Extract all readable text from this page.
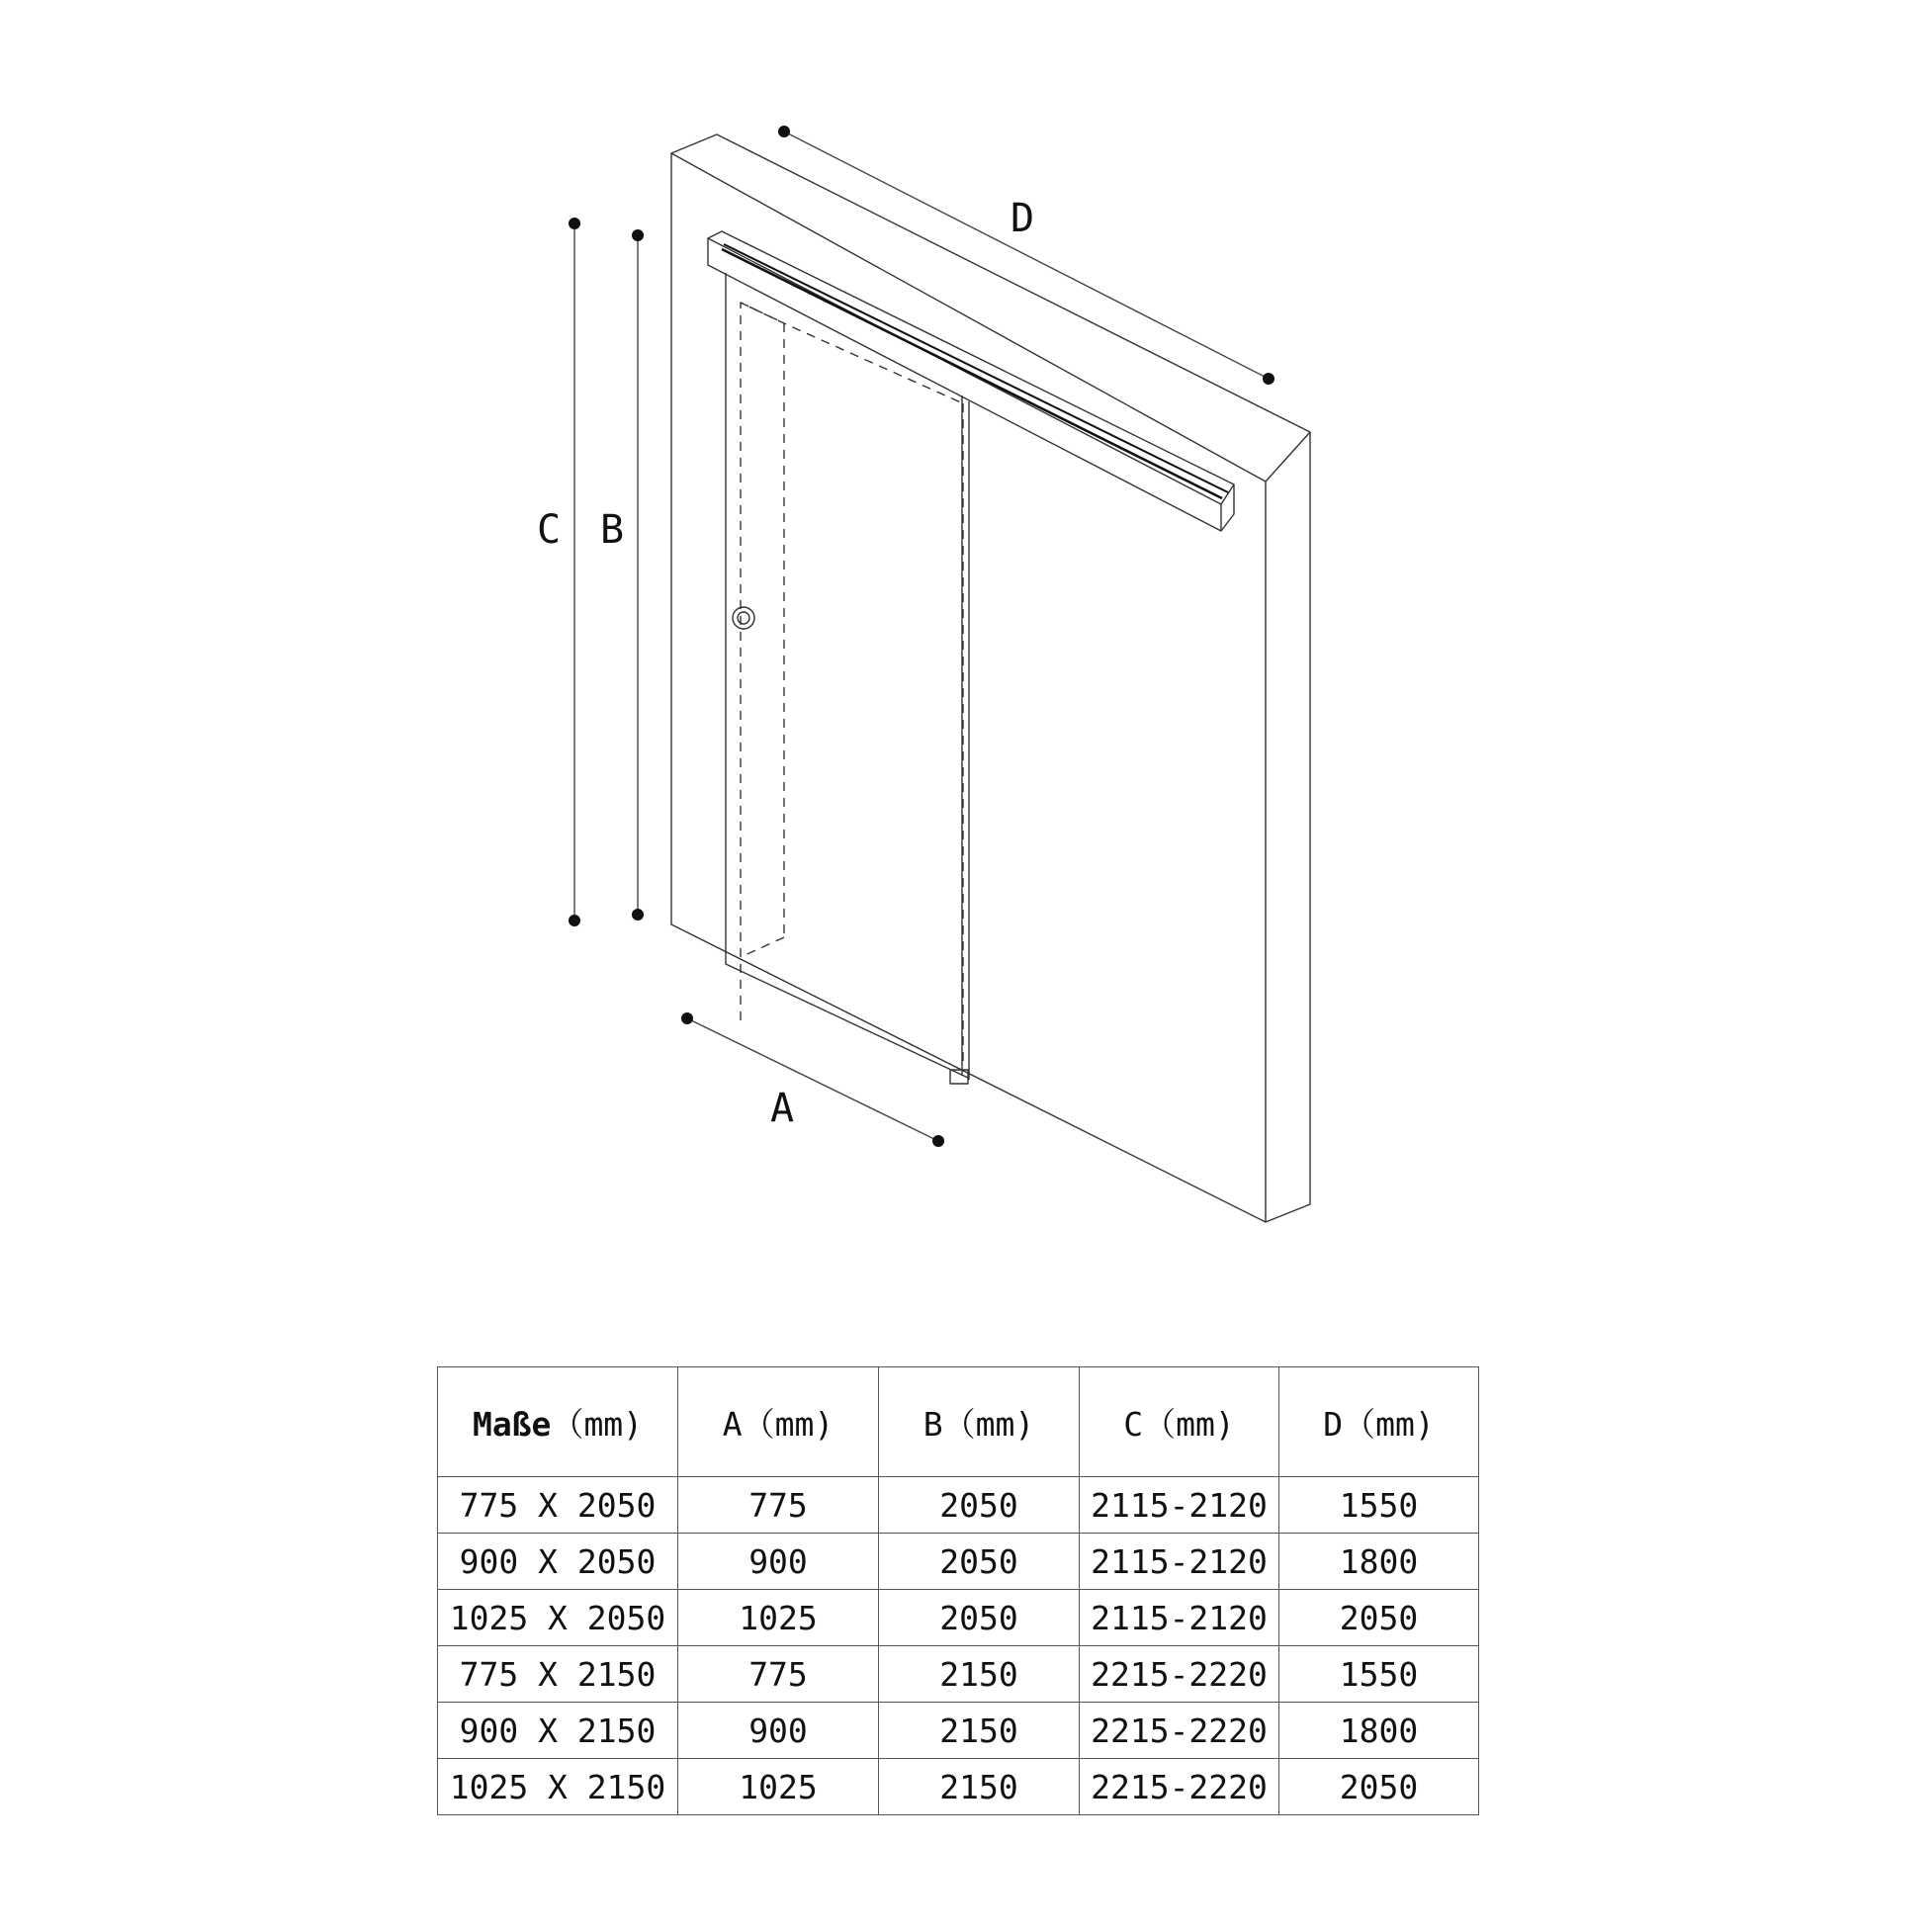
D
C B
A
Maße（mm)	A（mm)	B（mm)	C（mm)	D（mm)
775 X 2050	775	2050	2115-2120	1550
900 X 2050	900	2050	2115-2120	1800
1025 X 2050	1025	2050	2115-2120	2050
775 X 2150	775	2150	2215-2220	1550
900 X 2150	900	2150	2215-2220	1800
1025 X 2150	1025	2150	2215-2220	2050
